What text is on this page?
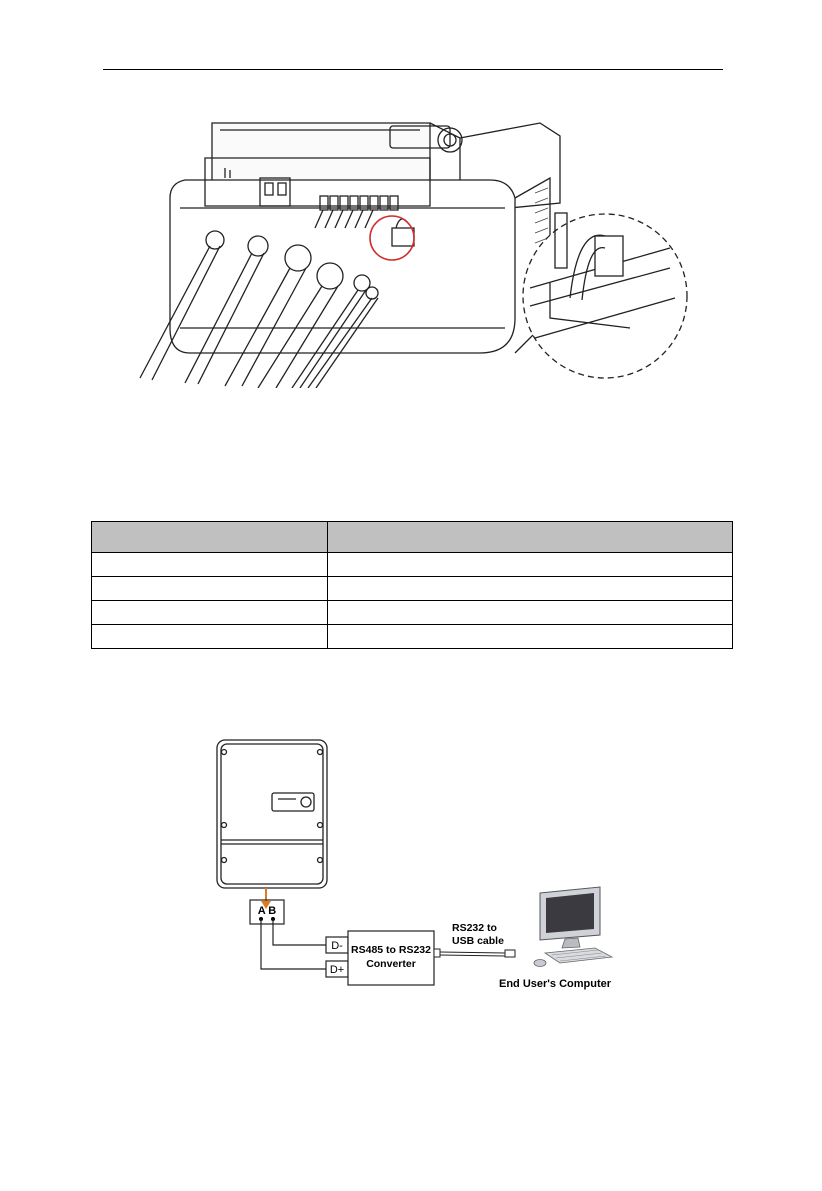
A B
D-
D+
RS485 to RS232
Converter
RS232 to
USB cable
End User's Computer
